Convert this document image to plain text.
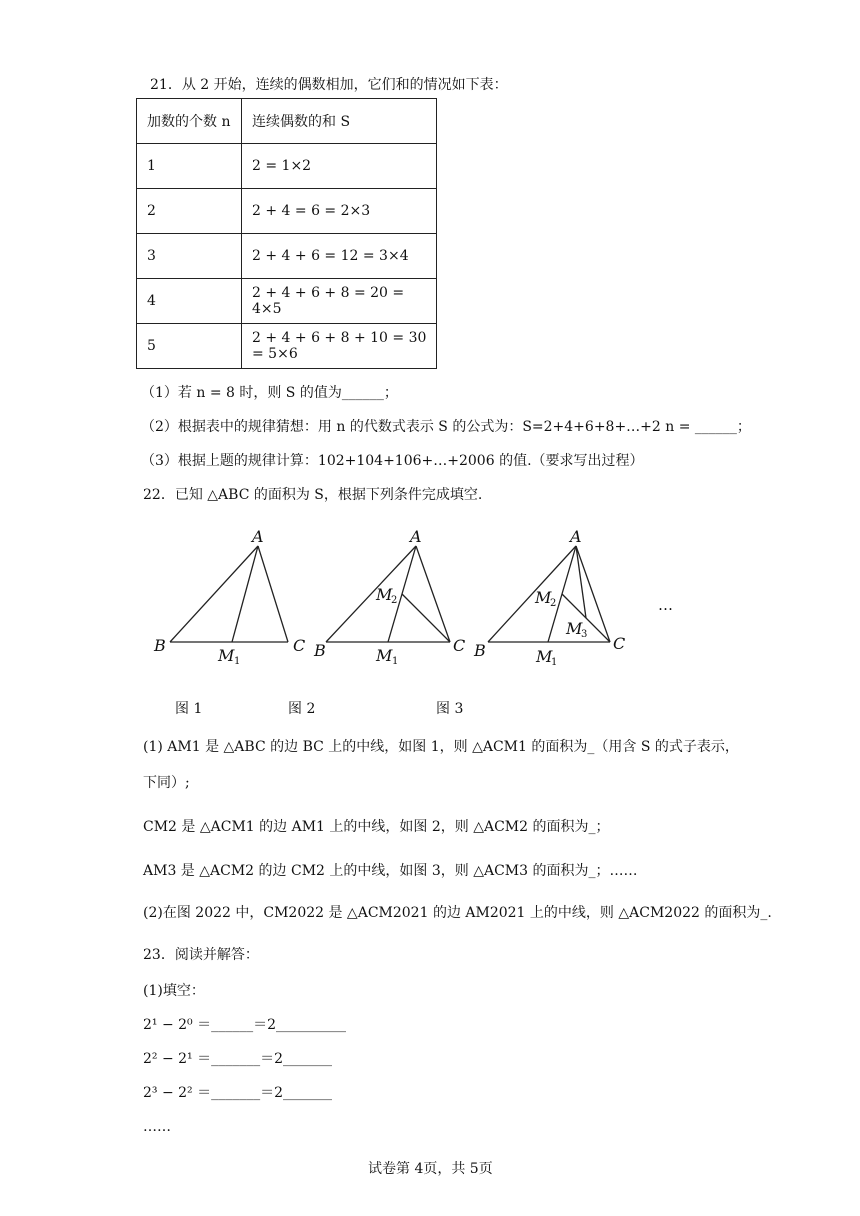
21．从 2 开始，连续的偶数相加，它们和的情况如下表：
加数的个数 n	连续偶数的和 S
1	2 = 1×2
2	2 + 4 = 6 = 2×3
3	2 + 4 + 6 = 12 = 3×4
4	2 + 4 + 6 + 8 = 20 = 4×5
5	2 + 4 + 6 + 8 + 10 = 30 = 5×6
（1）若 n = 8 时，则 S 的值为______；
（2）根据表中的规律猜想：用 n 的代数式表示 S 的公式为：S=2+4+6+8+…+2 n = ______；
（3）根据上题的规律计算：102+104+106+…+2006 的值.（要求写出过程）
22．已知 △ABC 的面积为 S，根据下列条件完成填空.
A
B	C
M 1
A
M
2
B	C
M 1
A
M
2
M
3
B	C
M
1
…
图 1	图 2	图 3
(1) AM1 是 △ABC 的边 BC 上的中线，如图 1，则 △ACM1 的面积为_（用含 S 的式子表示，
下同）;
CM2 是 △ACM1 的边 AM1 上的中线，如图 2，则 △ACM2 的面积为_；
AM3 是 △ACM2 的边 CM2 上的中线，如图 3，则 △ACM3 的面积为_；……
(2)在图 2022 中，CM2022 是 △ACM2021 的边 AM2021 上的中线，则 △ACM2022 的面积为_.
23．阅读并解答：
(1)填空：
2¹ − 2⁰ ＝______＝2__________
2² − 2¹ ＝_______＝2_______
2³ − 2² ＝_______＝2_______
……
试卷第 4页，共 5页
